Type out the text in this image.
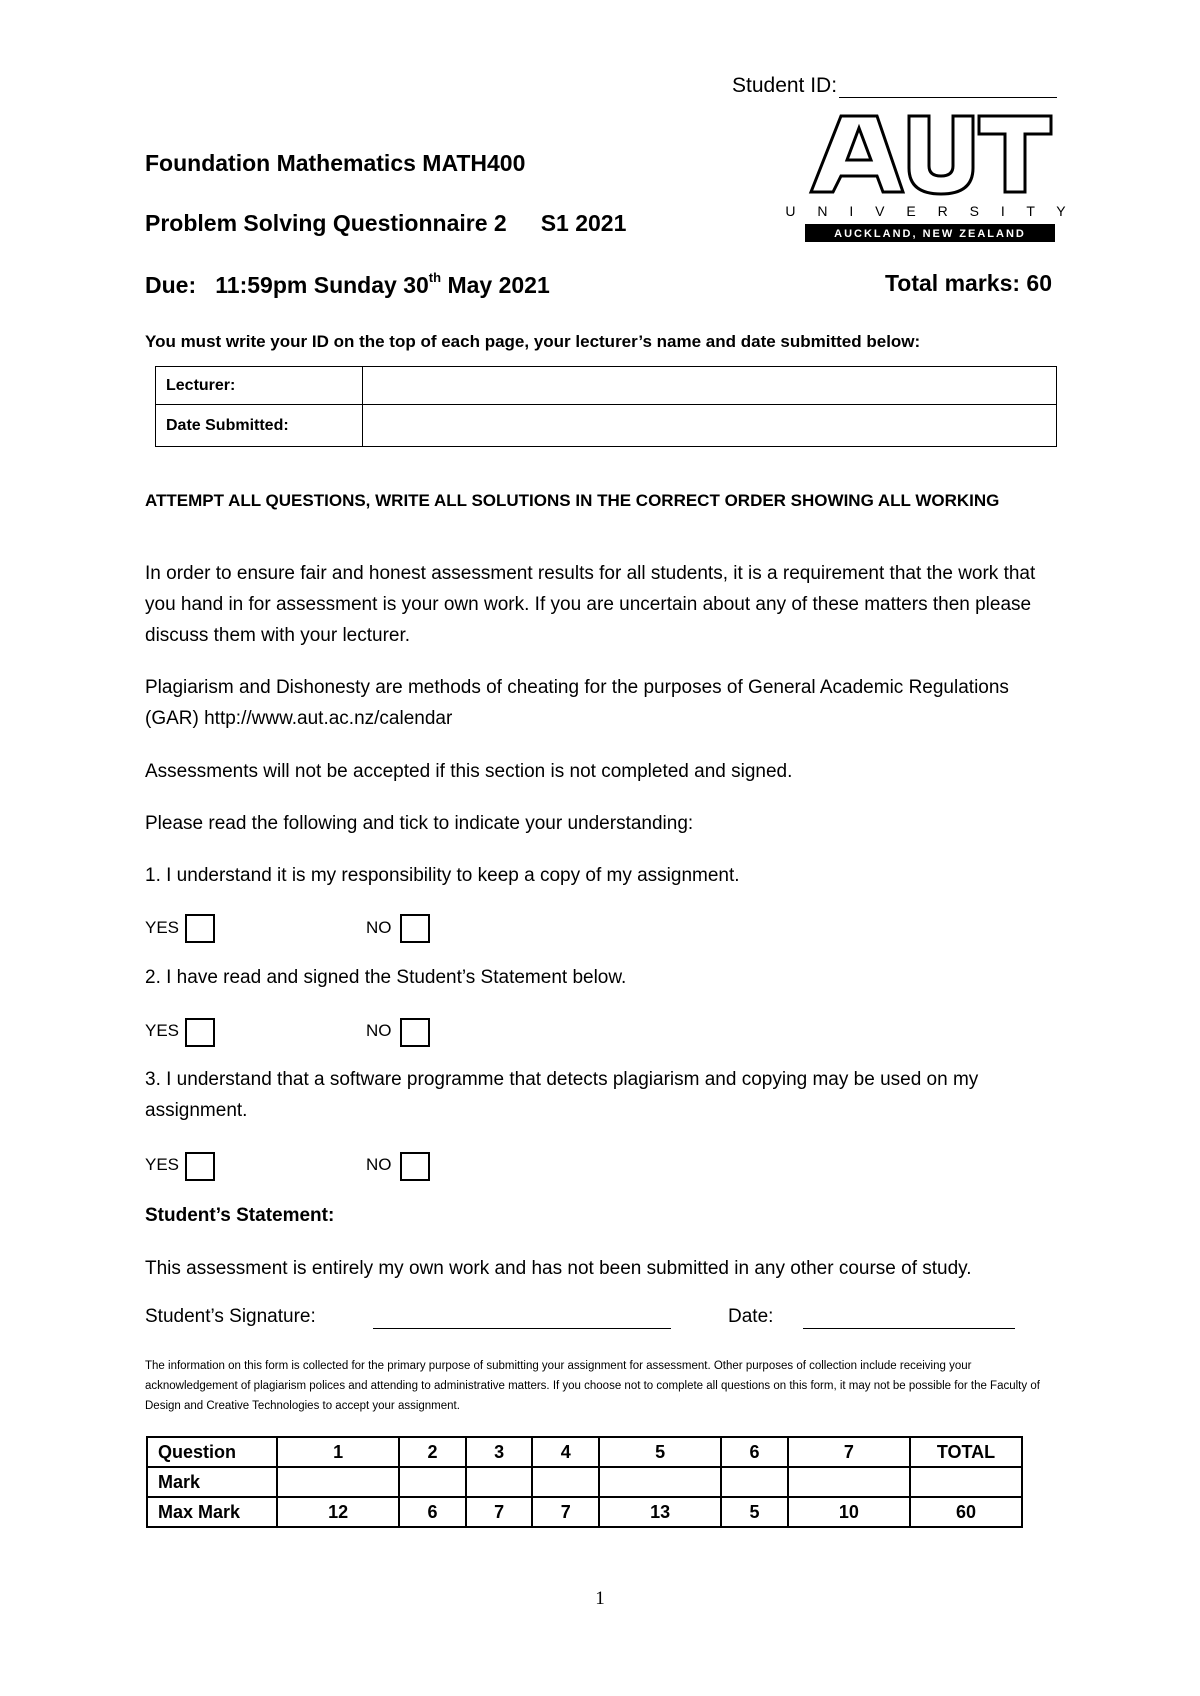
Student ID:
U N I V E R S I T Y
AUCKLAND, NEW ZEALAND
Foundation Mathematics MATH400
Problem Solving Questionnaire 2 S1 2021
Due:   11:59pm Sunday 30th May 2021	Total marks: 60
You must write your ID on the top of each page, your lecturer’s name and date submitted below:
Lecturer:	
Date Submitted:	
ATTEMPT ALL QUESTIONS, WRITE ALL SOLUTIONS IN THE CORRECT ORDER SHOWING ALL WORKING
In order to ensure fair and honest assessment results for all students, it is a requirement that the work that you hand in for assessment is your own work. If you are uncertain about any of these matters then please discuss them with your lecturer.
Plagiarism and Dishonesty are methods of cheating for the purposes of General Academic Regulations (GAR) http://www.aut.ac.nz/calendar
Assessments will not be accepted if this section is not completed and signed.
Please read the following and tick to indicate your understanding:
1. I understand it is my responsibility to keep a copy of my assignment.
YES	NO
2. I have read and signed the Student’s Statement below.
YES	NO
3. I understand that a software programme that detects plagiarism and copying may be used on my assignment.
YES	NO
Student’s Statement:
This assessment is entirely my own work and has not been submitted in any other course of study.
Student’s Signature:	Date:
The information on this form is collected for the primary purpose of submitting your assignment for assessment. Other purposes of collection include receiving your acknowledgement of plagiarism polices and attending to administrative matters. If you choose not to complete all questions on this form, it may not be possible for the Faculty of Design and Creative Technologies to accept your assignment.
Question	1	2	3	4	5	6	7	TOTAL
Mark								
Max Mark	12	6	7	7	13	5	10	60
1
